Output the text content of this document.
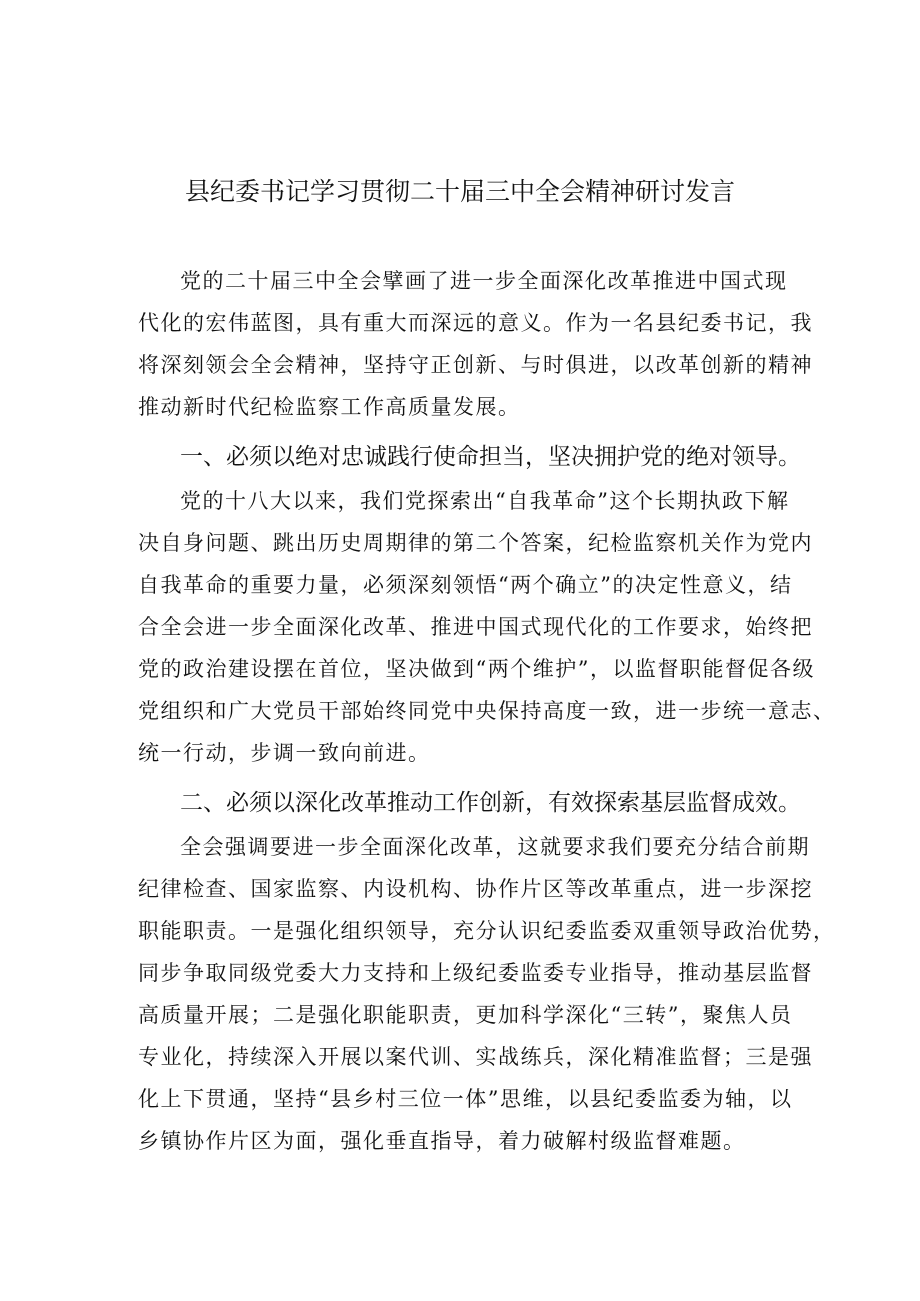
县纪委书记学习贯彻二十届三中全会精神研讨发言
党的二十届三中全会擘画了进一步全面深化改革推进中国式现
代化的宏伟蓝图，具有重大而深远的意义。作为一名县纪委书记，我
将深刻领会全会精神，坚持守正创新、与时俱进，以改革创新的精神
推动新时代纪检监察工作高质量发展。
一、必须以绝对忠诚践行使命担当，坚决拥护党的绝对领导。
党的十八大以来，我们党探索出“自我革命”这个长期执政下解
决自身问题、跳出历史周期律的第二个答案，纪检监察机关作为党内
自我革命的重要力量，必须深刻领悟“两个确立”的决定性意义，结
合全会进一步全面深化改革、推进中国式现代化的工作要求，始终把
党的政治建设摆在首位，坚决做到“两个维护”，以监督职能督促各级
党组织和广大党员干部始终同党中央保持高度一致，进一步统一意志、
统一行动，步调一致向前进。
二、必须以深化改革推动工作创新，有效探索基层监督成效。
全会强调要进一步全面深化改革，这就要求我们要充分结合前期
纪律检查、国家监察、内设机构、协作片区等改革重点，进一步深挖
职能职责。一是强化组织领导，充分认识纪委监委双重领导政治优势，
同步争取同级党委大力支持和上级纪委监委专业指导，推动基层监督
高质量开展；二是强化职能职责，更加科学深化“三转”，聚焦人员
专业化，持续深入开展以案代训、实战练兵，深化精准监督；三是强
化上下贯通，坚持“县乡村三位一体”思维，以县纪委监委为轴，以
乡镇协作片区为面，强化垂直指导，着力破解村级监督难题。
